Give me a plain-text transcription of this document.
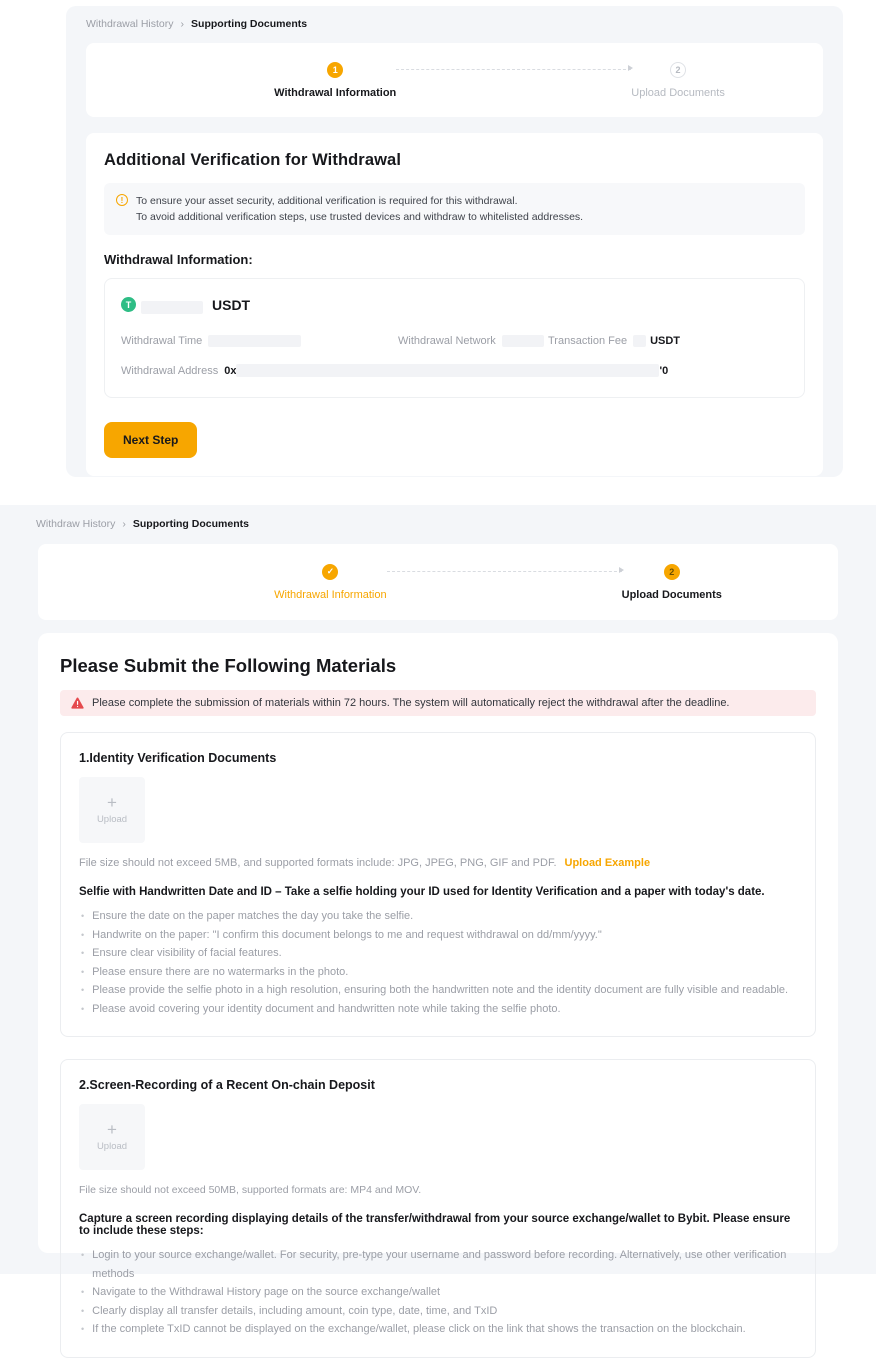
Withdrawal History › Supporting Documents
1
Withdrawal Information
2
Upload Documents
Additional Verification for Withdrawal
!	To ensure your asset security, additional verification is required for this withdrawal.
To avoid additional verification steps, use trusted devices and withdraw to whitelisted addresses.
Withdrawal Information:
T	USDT
Withdrawal Time	Withdrawal Network	Transaction Fee USDT
Withdrawal Address 0x	'0
Next Step
Withdraw History › Supporting Documents
✓
Withdrawal Information
2
Upload Documents
Please Submit the Following Materials
Please complete the submission of materials within 72 hours. The system will automatically reject the withdrawal after the deadline.
1.Identity Verification Documents
+
Upload
File size should not exceed 5MB, and supported formats include: JPG, JPEG, PNG, GIF and PDF. Upload Example
Selfie with Handwritten Date and ID – Take a selfie holding your ID used for Identity Verification and a paper with today's date.
• Ensure the date on the paper matches the day you take the selfie.
• Handwrite on the paper: "I confirm this document belongs to me and request withdrawal on dd/mm/yyyy."
• Ensure clear visibility of facial features.
• Please ensure there are no watermarks in the photo.
• Please provide the selfie photo in a high resolution, ensuring both the handwritten note and the identity document are fully visible and readable.
• Please avoid covering your identity document and handwritten note while taking the selfie photo.
2.Screen-Recording of a Recent On-chain Deposit
+
Upload
File size should not exceed 50MB, supported formats are: MP4 and MOV.
Capture a screen recording displaying details of the transfer/withdrawal from your source exchange/wallet to Bybit. Please ensure to include these steps:
• Login to your source exchange/wallet. For security, pre-type your username and password before recording. Alternatively, use other verification methods
• Navigate to the Withdrawal History page on the source exchange/wallet
• Clearly display all transfer details, including amount, coin type, date, time, and TxID
• If the complete TxID cannot be displayed on the exchange/wallet, please click on the link that shows the transaction on the blockchain.
